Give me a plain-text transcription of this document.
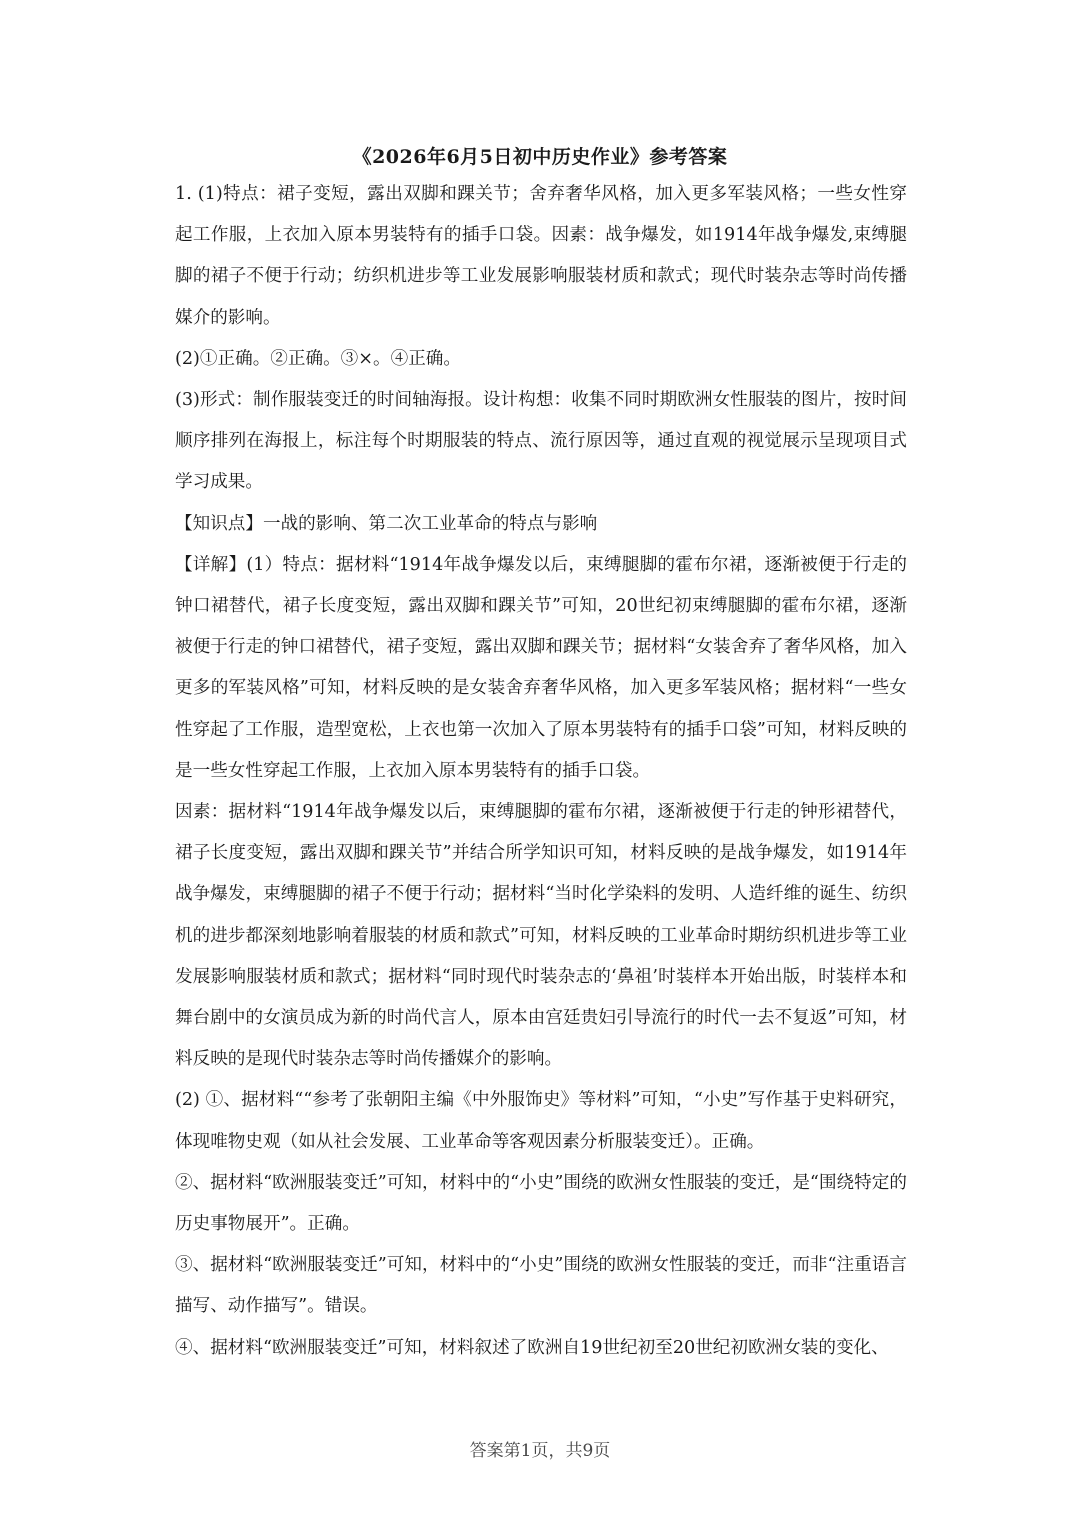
《2026年6月5日初中历史作业》参考答案

1. (1)特点：裙子变短，露出双脚和踝关节；舍弃奢华风格，加入更多军装风格；一些女性穿起工作服，上衣加入原本男装特有的插手口袋。因素：战争爆发，如1914年战争爆发,束缚腿脚的裙子不便于行动；纺织机进步等工业发展影响服装材质和款式；现代时装杂志等时尚传播媒介的影响。

(2)①正确。②正确。③×。④正确。

(3)形式：制作服装变迁的时间轴海报。设计构想：收集不同时期欧洲女性服装的图片，按时间顺序排列在海报上，标注每个时期服装的特点、流行原因等，通过直观的视觉展示呈现项目式学习成果。

【知识点】一战的影响、第二次工业革命的特点与影响

【详解】(1）特点：据材料“1914年战争爆发以后，束缚腿脚的霍布尔裙，逐渐被便于行走的钟口裙替代，裙子长度变短，露出双脚和踝关节”可知，20世纪初束缚腿脚的霍布尔裙，逐渐被便于行走的钟口裙替代，裙子变短，露出双脚和踝关节；据材料“女装舍弃了奢华风格，加入更多的军装风格”可知，材料反映的是女装舍弃奢华风格，加入更多军装风格；据材料“一些女性穿起了工作服，造型宽松，上衣也第一次加入了原本男装特有的插手口袋”可知，材料反映的是一些女性穿起工作服，上衣加入原本男装特有的插手口袋。

因素：据材料“1914年战争爆发以后，束缚腿脚的霍布尔裙，逐渐被便于行走的钟形裙替代，裙子长度变短，露出双脚和踝关节”并结合所学知识可知，材料反映的是战争爆发，如1914年战争爆发，束缚腿脚的裙子不便于行动；据材料“当时化学染料的发明、人造纤维的诞生、纺织机的进步都深刻地影响着服装的材质和款式”可知，材料反映的工业革命时期纺织机进步等工业发展影响服装材质和款式；据材料“同时现代时装杂志的‘鼻祖’时装样本开始出版，时装样本和舞台剧中的女演员成为新的时尚代言人，原本由宫廷贵妇引导流行的时代一去不复返”可知，材料反映的是现代时装杂志等时尚传播媒介的影响。

(2) ①、据材料““参考了张朝阳主编《中外服饰史》等材料”可知，“小史”写作基于史料研究，体现唯物史观（如从社会发展、工业革命等客观因素分析服装变迁）。正确。

②、据材料“欧洲服装变迁”可知，材料中的“小史”围绕的欧洲女性服装的变迁，是“围绕特定的历史事物展开”。正确。

③、据材料“欧洲服装变迁”可知，材料中的“小史”围绕的欧洲女性服装的变迁，而非“注重语言描写、动作描写”。错误。

④、据材料“欧洲服装变迁”可知，材料叙述了欧洲自19世纪初至20世纪初欧洲女装的变化、

答案第1页，共9页
